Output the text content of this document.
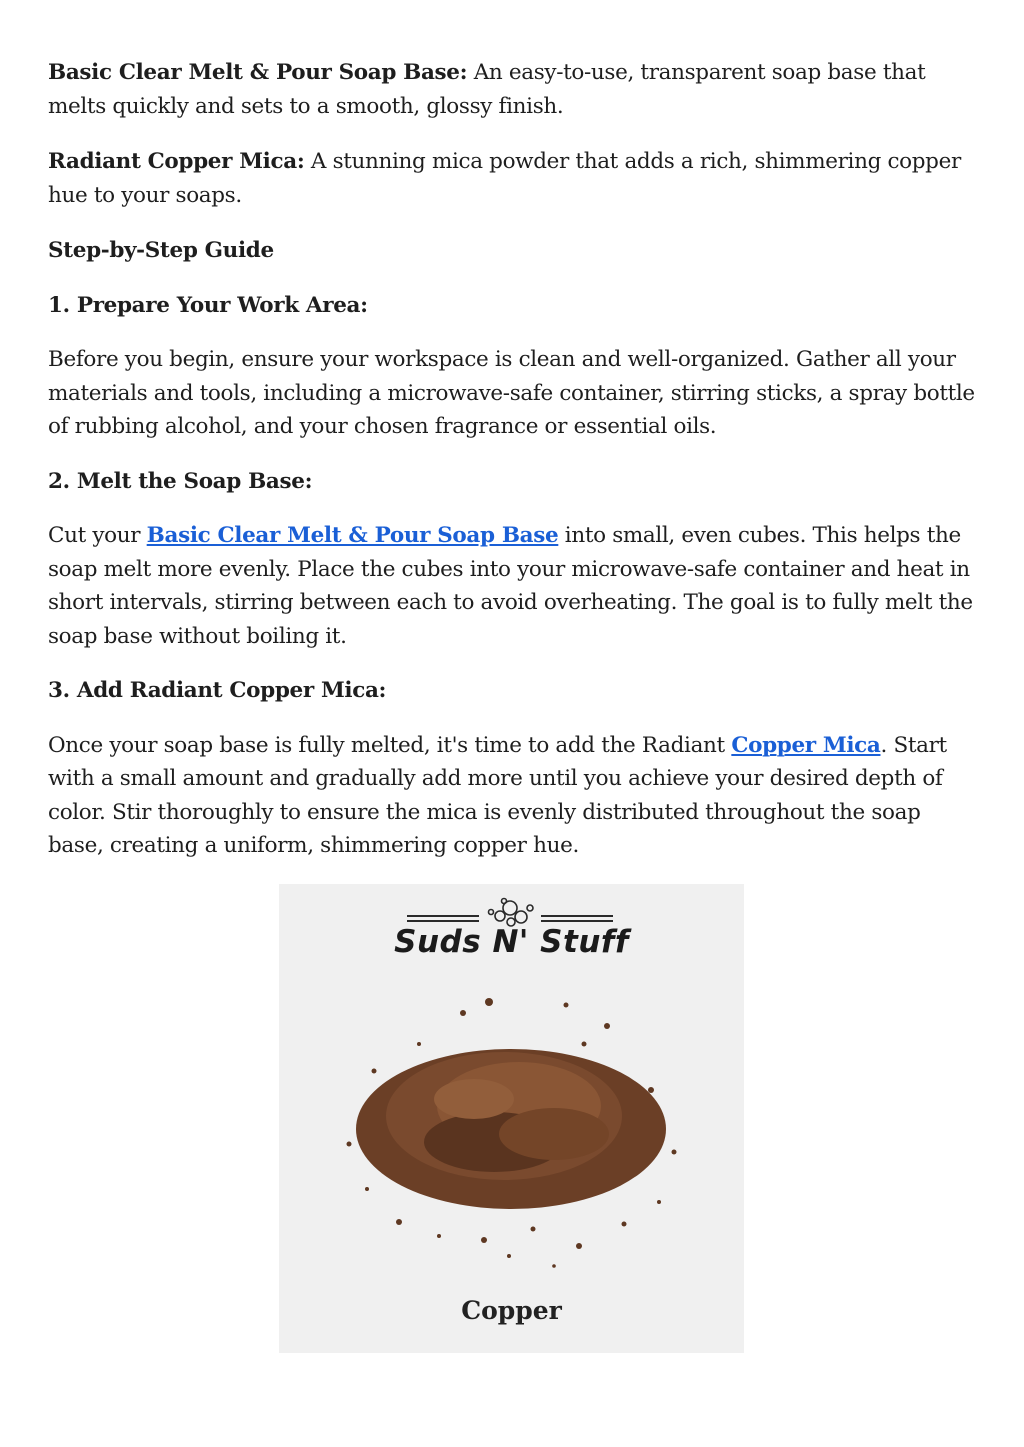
Basic Clear Melt & Pour Soap Base: An easy-to-use, transparent soap base that melts quickly and sets to a smooth, glossy finish.

Radiant Copper Mica: A stunning mica powder that adds a rich, shimmering copper hue to your soaps.

Step-by-Step Guide

1. Prepare Your Work Area:

Before you begin, ensure your workspace is clean and well-organized. Gather all your materials and tools, including a microwave-safe container, stirring sticks, a spray bottle of rubbing alcohol, and your chosen fragrance or essential oils.

2. Melt the Soap Base:

Cut your Basic Clear Melt & Pour Soap Base into small, even cubes. This helps the soap melt more evenly. Place the cubes into your microwave-safe container and heat in short intervals, stirring between each to avoid overheating. The goal is to fully melt the soap base without boiling it.

3. Add Radiant Copper Mica:

Once your soap base is fully melted, it's time to add the Radiant Copper Mica. Start with a small amount and gradually add more until you achieve your desired depth of color. Stir thoroughly to ensure the mica is evenly distributed throughout the soap base, creating a uniform, shimmering copper hue.

Suds N' Stuff
Copper
